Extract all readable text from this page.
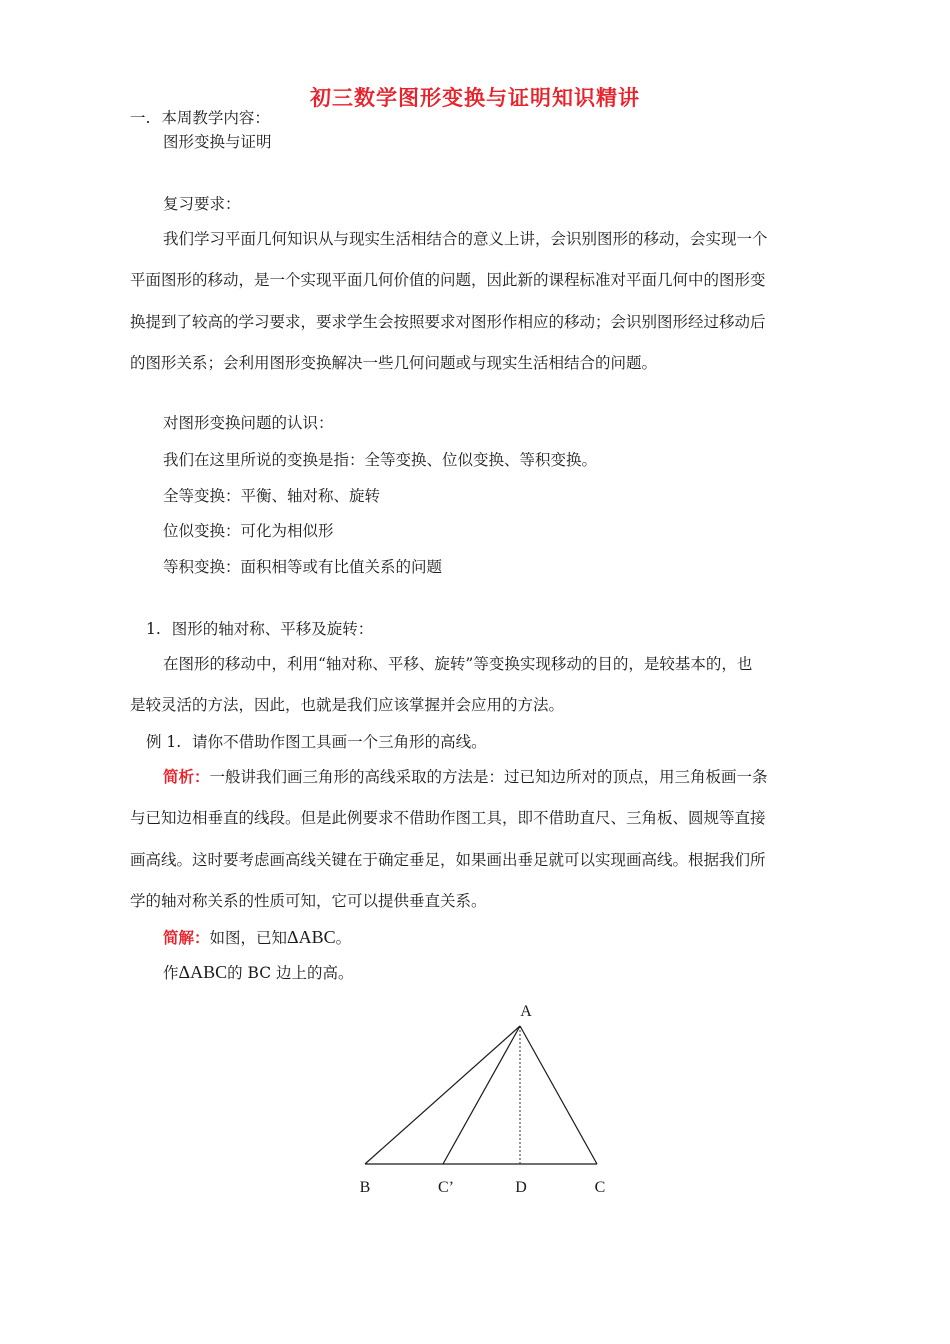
初三数学图形变换与证明知识精讲
一. 本周教学内容：
图形变换与证明
复习要求：
我们学习平面几何知识从与现实生活相结合的意义上讲，会识别图形的移动，会实现一个
平面图形的移动，是一个实现平面几何价值的问题，因此新的课程标准对平面几何中的图形变
换提到了较高的学习要求，要求学生会按照要求对图形作相应的移动；会识别图形经过移动后
的图形关系；会利用图形变换解决一些几何问题或与现实生活相结合的问题。
对图形变换问题的认识：
我们在这里所说的变换是指：全等变换、位似变换、等积变换。
全等变换：平衡、轴对称、旋转
位似变换：可化为相似形
等积变换：面积相等或有比值关系的问题
1. 图形的轴对称、平移及旋转：
在图形的移动中，利用“轴对称、平移、旋转”等变换实现移动的目的，是较基本的，也
是较灵活的方法，因此，也就是我们应该掌握并会应用的方法。
例 1. 请你不借助作图工具画一个三角形的高线。
简析：一般讲我们画三角形的高线采取的方法是：过已知边所对的顶点，用三角板画一条
与已知边相垂直的线段。但是此例要求不借助作图工具，即不借助直尺、三角板、圆规等直接
画高线。这时要考虑画高线关键在于确定垂足，如果画出垂足就可以实现画高线。根据我们所
学的轴对称关系的性质可知，它可以提供垂直关系。
简解：如图，已知ΔABC。
作ΔABC的 BC 边上的高。
A
B	C’	D	C
